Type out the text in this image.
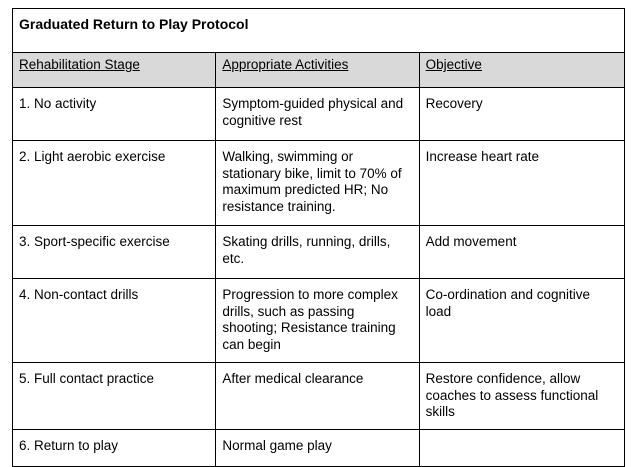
Graduated Return to Play Protocol		
Rehabilitation Stage	Appropriate Activities	Objective
1. No activity	Symptom-guided physical and cognitive rest	Recovery
2. Light aerobic exercise	Walking, swimming or stationary bike, limit to 70% of maximum predicted HR; No resistance training.	Increase heart rate
3. Sport-specific exercise	Skating drills, running, drills, etc.	Add movement
4. Non-contact drills	Progression to more complex drills, such as passing shooting; Resistance training can begin	Co-ordination and cognitive load
5. Full contact practice	After medical clearance	Restore confidence, allow coaches to assess functional skills
6. Return to play	Normal game play	
